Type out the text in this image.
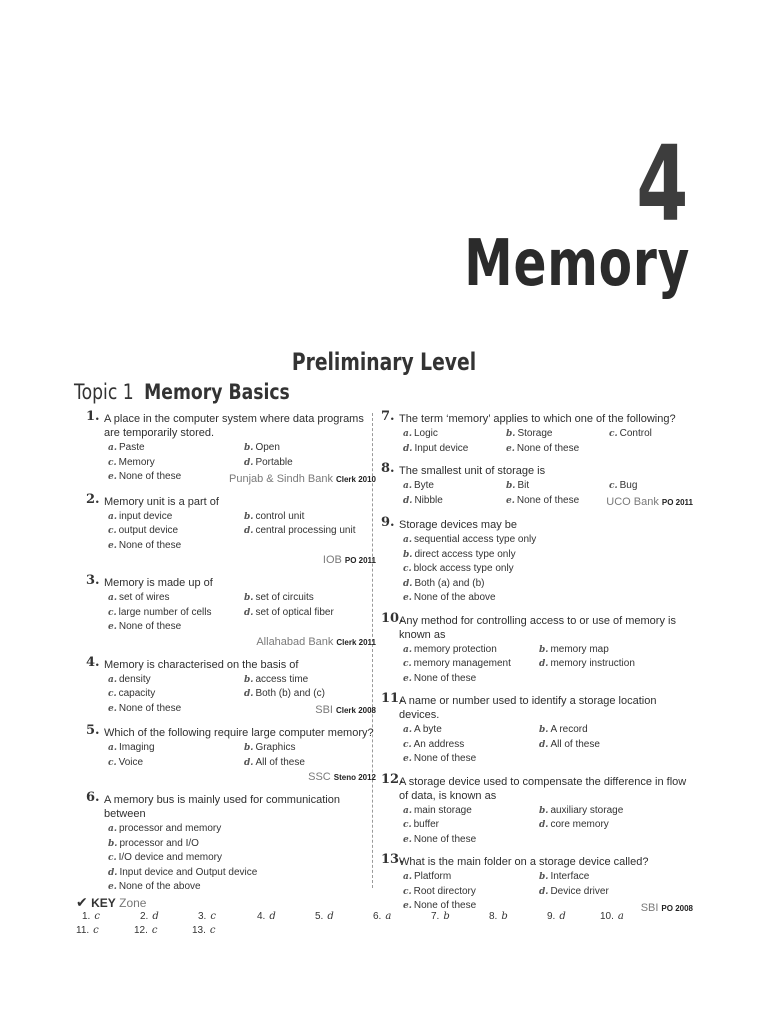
4
Memory
Preliminary Level
Topic 1 Memory Basics
1. A place in the computer system where data programs are temporarily stored.
a. Paste	b. Open
c. Memory	d. Portable
e. None of these	Punjab & Sindh Bank Clerk 2010
2. Memory unit is a part of
a. input device	b. control unit
c. output device	d. central processing unit
e. None of these
IOB PO 2011
3. Memory is made up of
a. set of wires	b. set of circuits
c. large number of cells	d. set of optical fiber
e. None of these
Allahabad Bank Clerk 2011
4. Memory is characterised on the basis of
a. density	b. access time
c. capacity	d. Both (b) and (c)
e. None of these	SBI Clerk 2008
5. Which of the following require large computer memory?
a. Imaging	b. Graphics
c. Voice	d. All of these
SSC Steno 2012
6. A memory bus is mainly used for communication between
a. processor and memory
b. processor and I/O
c. I/O device and memory
d. Input device and Output device
e. None of the above
7. The term ‘memory’ applies to which one of the following?
a. Logic	b. Storage	c. Control
d. Input device	e. None of these
8. The smallest unit of storage is
a. Byte	b. Bit	c. Bug
d. Nibble	e. None of these	UCO Bank PO 2011
9. Storage devices may be
a. sequential access type only
b. direct access type only
c. block access type only
d. Both (a) and (b)
e. None of the above
10.
Any method for controlling access to or use of memory is known as
a. memory protection	b. memory map
c. memory management	d. memory instruction
e. None of these
11.
A name or number used to identify a storage location devices.
a. A byte	b. A record
c. An address	d. All of these
e. None of these
12.
A storage device used to compensate the difference in flow of data, is known as
a. main storage	b. auxiliary storage
c. buffer	d. core memory
e. None of these
13.
What is the main folder on a storage device called?
a. Platform	b. Interface
c. Root directory	d. Device driver
e. None of these	SBI PO 2008
✔ KEY Zone
1. c	2. d	3. c	4. d	5. d	6. a	7. b	8. b	9. d	10. a
11. c	12. c	13. c
